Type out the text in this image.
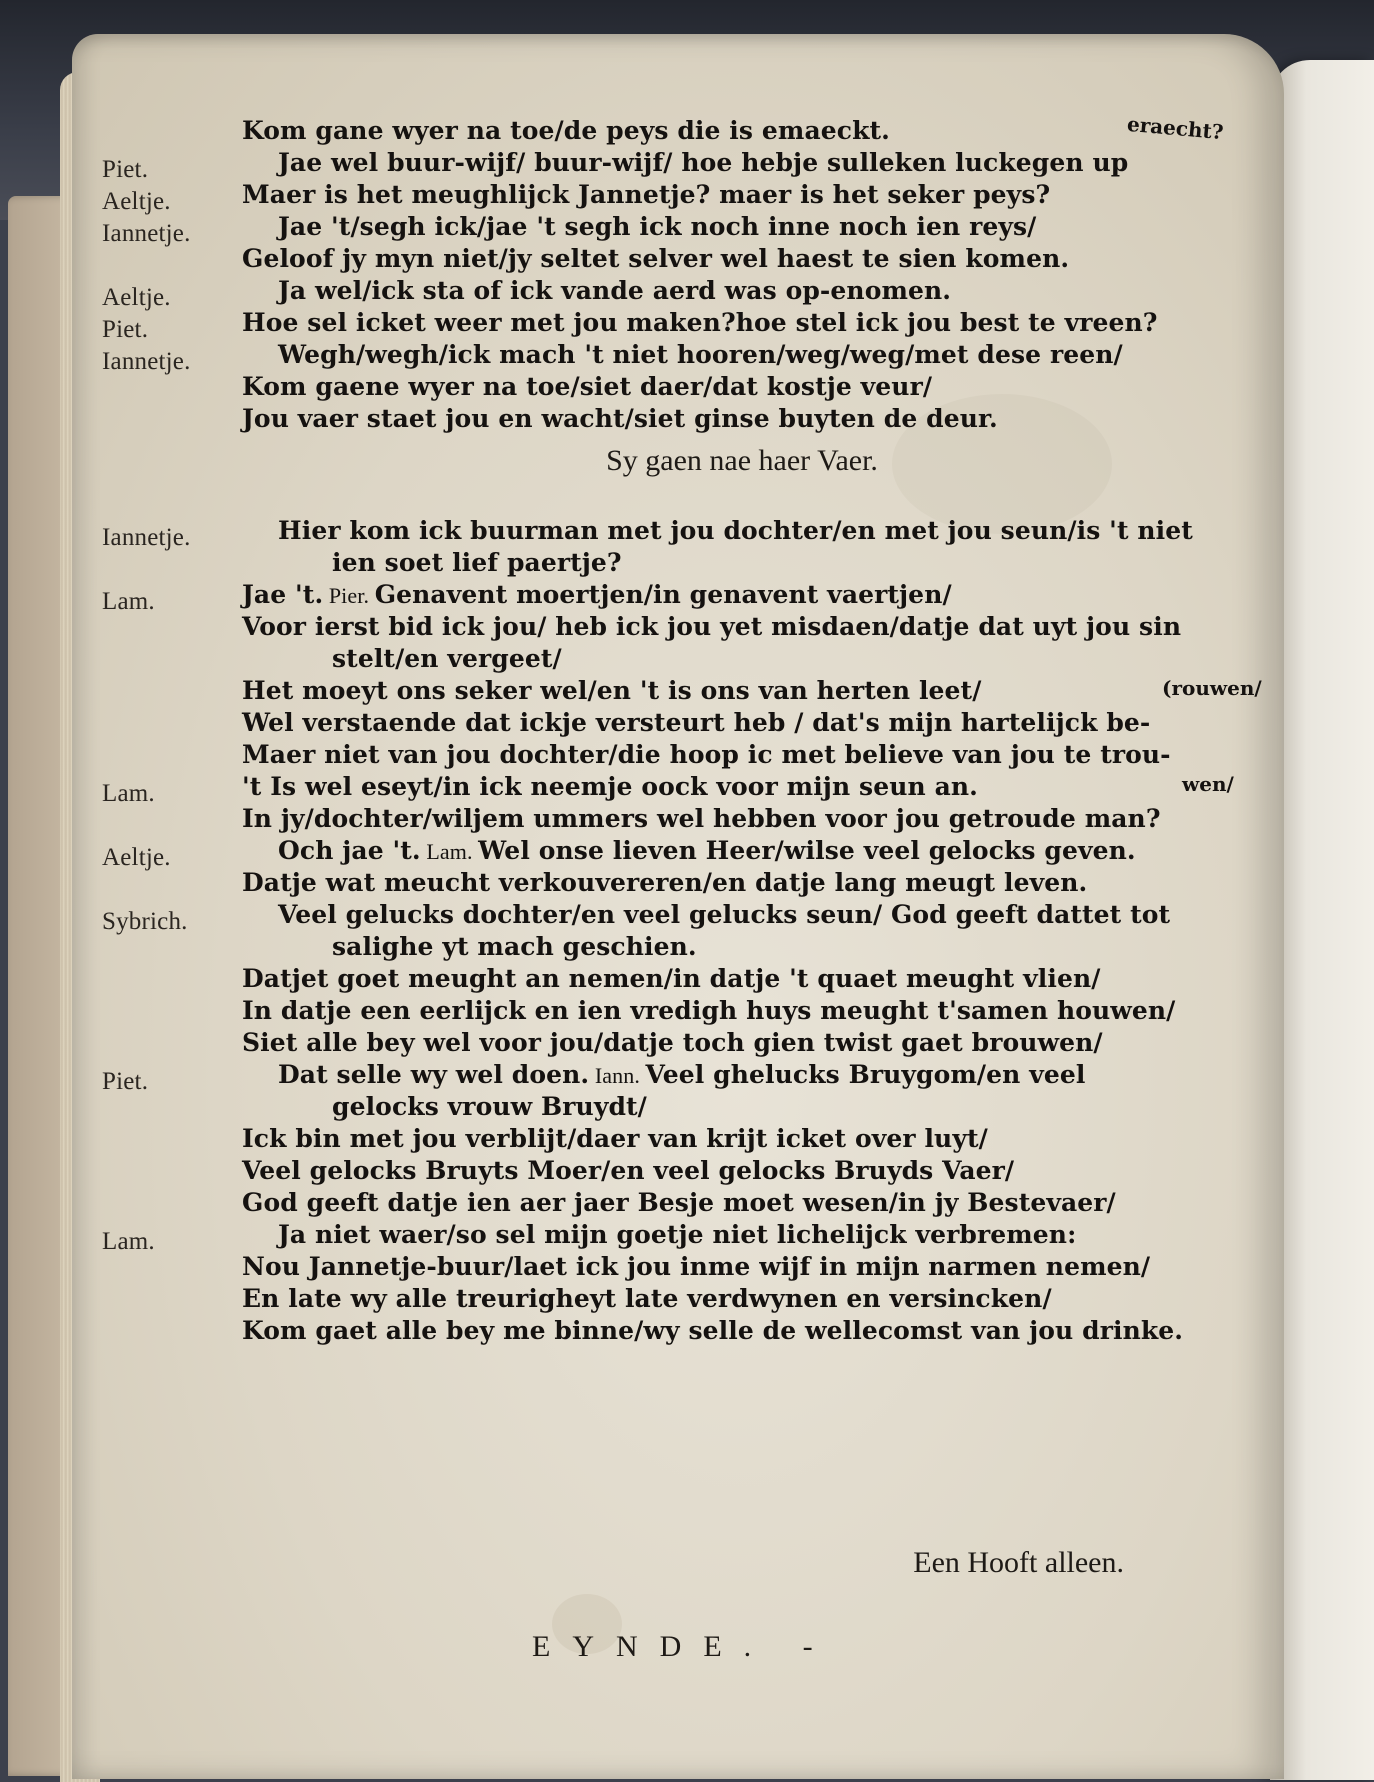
Kom gane wyer na toe/de peys die is emaeckt.
Piet.	Jae wel buur-wijf/ buur-wijf/ hoe hebje sulleken luckegen up
Aeltje.	Maer is het meughlijck Jannetje? maer is het seker peys?
Iannetje.	Jae 't/segh ick/jae 't segh ick noch inne noch ien reys/
Geloof jy myn niet/jy seltet selver wel haest te sien komen.
Aeltje.	Ja wel/ick sta of ick vande aerd was op-enomen.
Piet.	Hoe sel icket weer met jou maken?hoe stel ick jou best te vreen?
Iannetje.	Wegh/wegh/ick mach 't niet hooren/weg/weg/met dese reen/
Kom gaene wyer na toe/siet daer/dat kostje veur/
Jou vaer staet jou en wacht/siet ginse buyten de deur.
Sy gaen nae haer Vaer.
Iannetje.	Hier kom ick buurman met jou dochter/en met jou seun/is 't niet
ien soet lief paertje?
Lam.	Jae 't. Pier. Genavent moertjen/in genavent vaertjen/
Voor ierst bid ick jou/ heb ick jou yet misdaen/datje dat uyt jou sin
stelt/en vergeet/
Het moeyt ons seker wel/en 't is ons van herten leet/
Wel verstaende dat ickje versteurt heb / dat's mijn hartelijck be-
Maer niet van jou dochter/die hoop ic met believe van jou te trou-
Lam.	't Is wel eseyt/in ick neemje oock voor mijn seun an.
In jy/dochter/wiljem ummers wel hebben voor jou getroude man?
Aeltje.	Och jae 't. Lam. Wel onse lieven Heer/wilse veel gelocks geven.
Datje wat meucht verkouvereren/en datje lang meugt leven.
Sybrich.	Veel gelucks dochter/en veel gelucks seun/ God geeft dattet tot
salighe yt mach geschien.
Datjet goet meught an nemen/in datje 't quaet meught vlien/
In datje een eerlijck en ien vredigh huys meught t'samen houwen/
Siet alle bey wel voor jou/datje toch gien twist gaet brouwen/
Piet.	Dat selle wy wel doen. Iann. Veel ghelucks Bruygom/en veel
gelocks vrouw Bruydt/
Ick bin met jou verblijt/daer van krijt icket over luyt/
Veel gelocks Bruyts Moer/en veel gelocks Bruyds Vaer/
God geeft datje ien aer jaer Besje moet wesen/in jy Bestevaer/
Lam.	Ja niet waer/so sel mijn goetje niet lichelijck verbremen:
Nou Jannetje-buur/laet ick jou inme wijf in mijn narmen nemen/
En late wy alle treurigheyt late verdwynen en versincken/
Kom gaet alle bey me binne/wy selle de wellecomst van jou drinke.
eraecht?
(rouwen/
wen/
Een Hooft alleen.
EYNDE. -
